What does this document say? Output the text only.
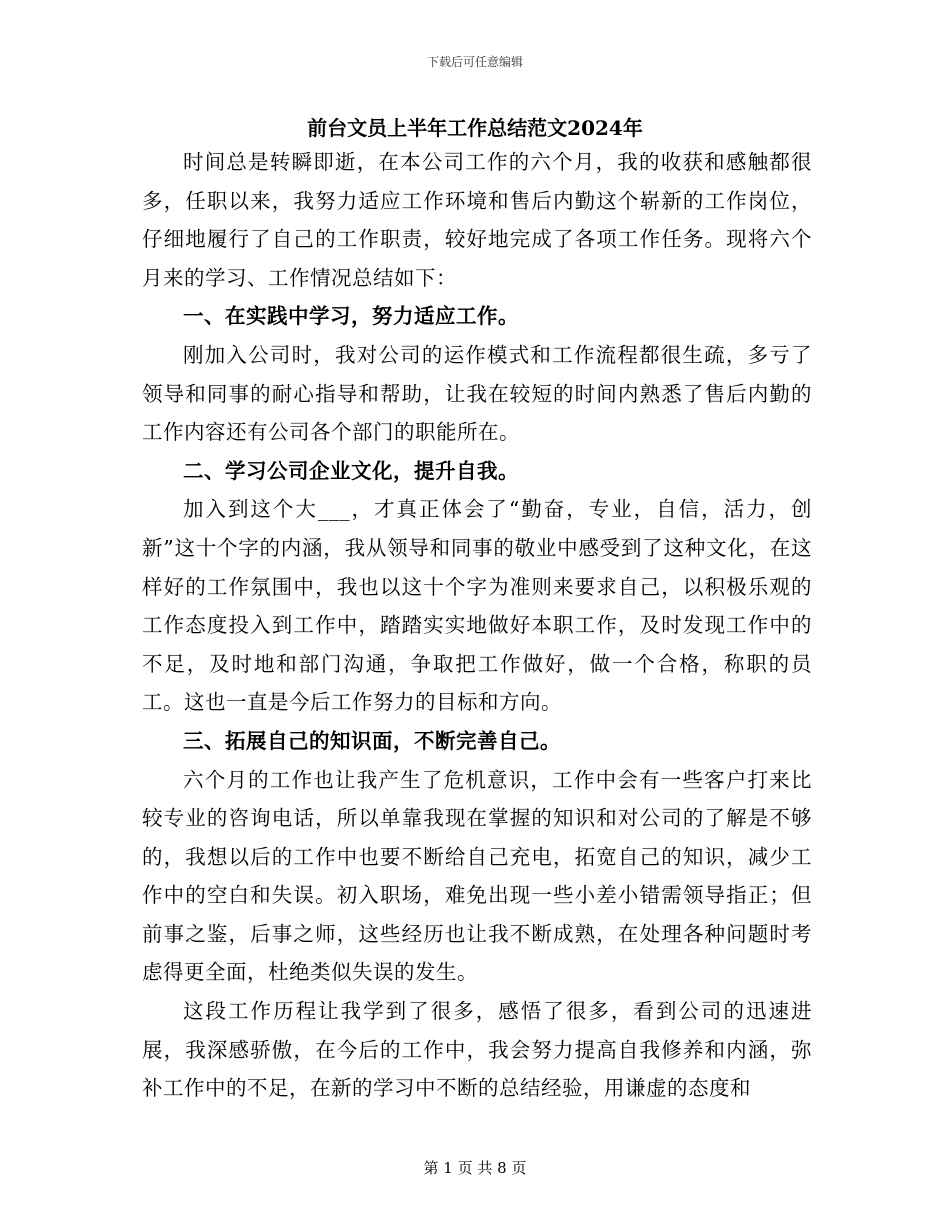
下载后可任意编辑
前台文员上半年工作总结范文2024年

时间总是转瞬即逝，在本公司工作的六个月，我的收获和感触都很多，任职以来，我努力适应工作环境和售后内勤这个崭新的工作岗位，仔细地履行了自己的工作职责，较好地完成了各项工作任务。现将六个月来的学习、工作情况总结如下：

一、在实践中学习，努力适应工作。

刚加入公司时，我对公司的运作模式和工作流程都很生疏，多亏了领导和同事的耐心指导和帮助，让我在较短的时间内熟悉了售后内勤的工作内容还有公司各个部门的职能所在。

二、学习公司企业文化，提升自我。

加入到这个大___，才真正体会了“勤奋，专业，自信，活力，创新”这十个字的内涵，我从领导和同事的敬业中感受到了这种文化，在这样好的工作氛围中，我也以这十个字为准则来要求自己，以积极乐观的工作态度投入到工作中，踏踏实实地做好本职工作，及时发现工作中的不足，及时地和部门沟通，争取把工作做好，做一个合格，称职的员工。这也一直是今后工作努力的目标和方向。

三、拓展自己的知识面，不断完善自己。

六个月的工作也让我产生了危机意识，工作中会有一些客户打来比较专业的咨询电话，所以单靠我现在掌握的知识和对公司的了解是不够的，我想以后的工作中也要不断给自己充电，拓宽自己的知识，减少工作中的空白和失误。初入职场，难免出现一些小差小错需领导指正；但前事之鉴，后事之师，这些经历也让我不断成熟，在处理各种问题时考虑得更全面，杜绝类似失误的发生。

这段工作历程让我学到了很多，感悟了很多，看到公司的迅速进展，我深感骄傲，在今后的工作中，我会努力提高自我修养和内涵，弥补工作中的不足，在新的学习中不断的总结经验，用谦虚的态度和

第 1 页 共 8 页
